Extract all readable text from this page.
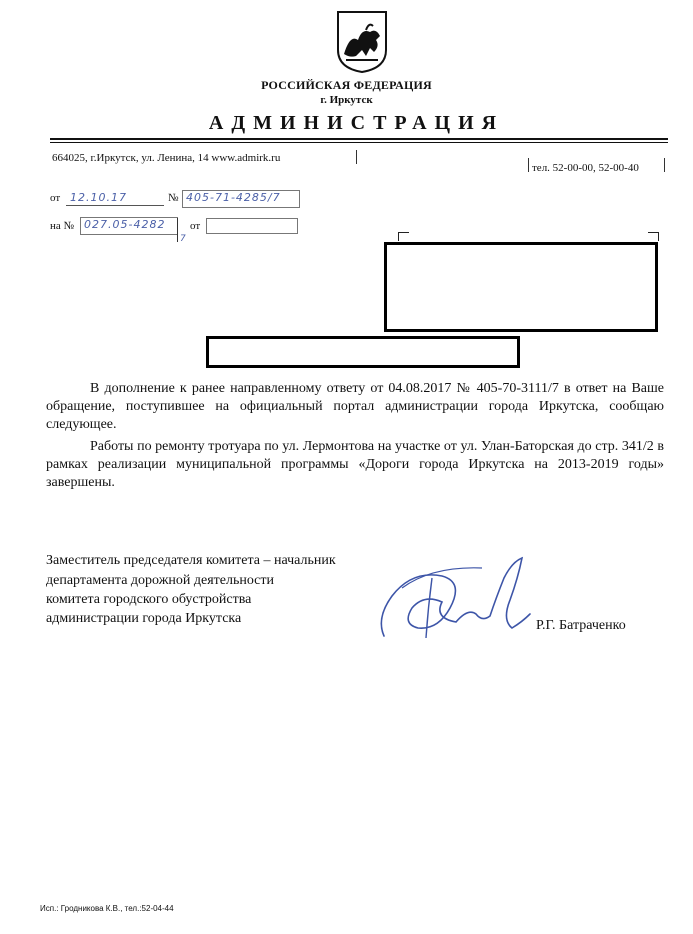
РОССИЙСКАЯ ФЕДЕРАЦИЯ
г. Иркутск
АДМИНИСТРАЦИЯ
664025, г.Иркутск, ул. Ленина, 14 www.admirk.ru
тел. 52-00-00, 52-00-40
от 12.10.17	№ 405-71-4285/7
на № 027.05-4282
7
от
В дополнение к ранее направленному ответу от 04.08.2017 № 405-70-3111/7 в ответ на Ваше обращение, поступившее на официальный портал администрации города Иркутска, сообщаю следующее.
Работы по ремонту тротуара по ул. Лермонтова на участке от ул. Улан-Баторская до стр. 341/2 в рамках реализации муниципальной программы «Дороги города Иркутска на 2013-2019 годы» завершены.
Заместитель председателя комитета – начальник
департамента дорожной деятельности
комитета городского обустройства
администрации города Иркутска	Р.Г. Батраченко
Исп.: Гродникова К.В., тел.:52-04-44
